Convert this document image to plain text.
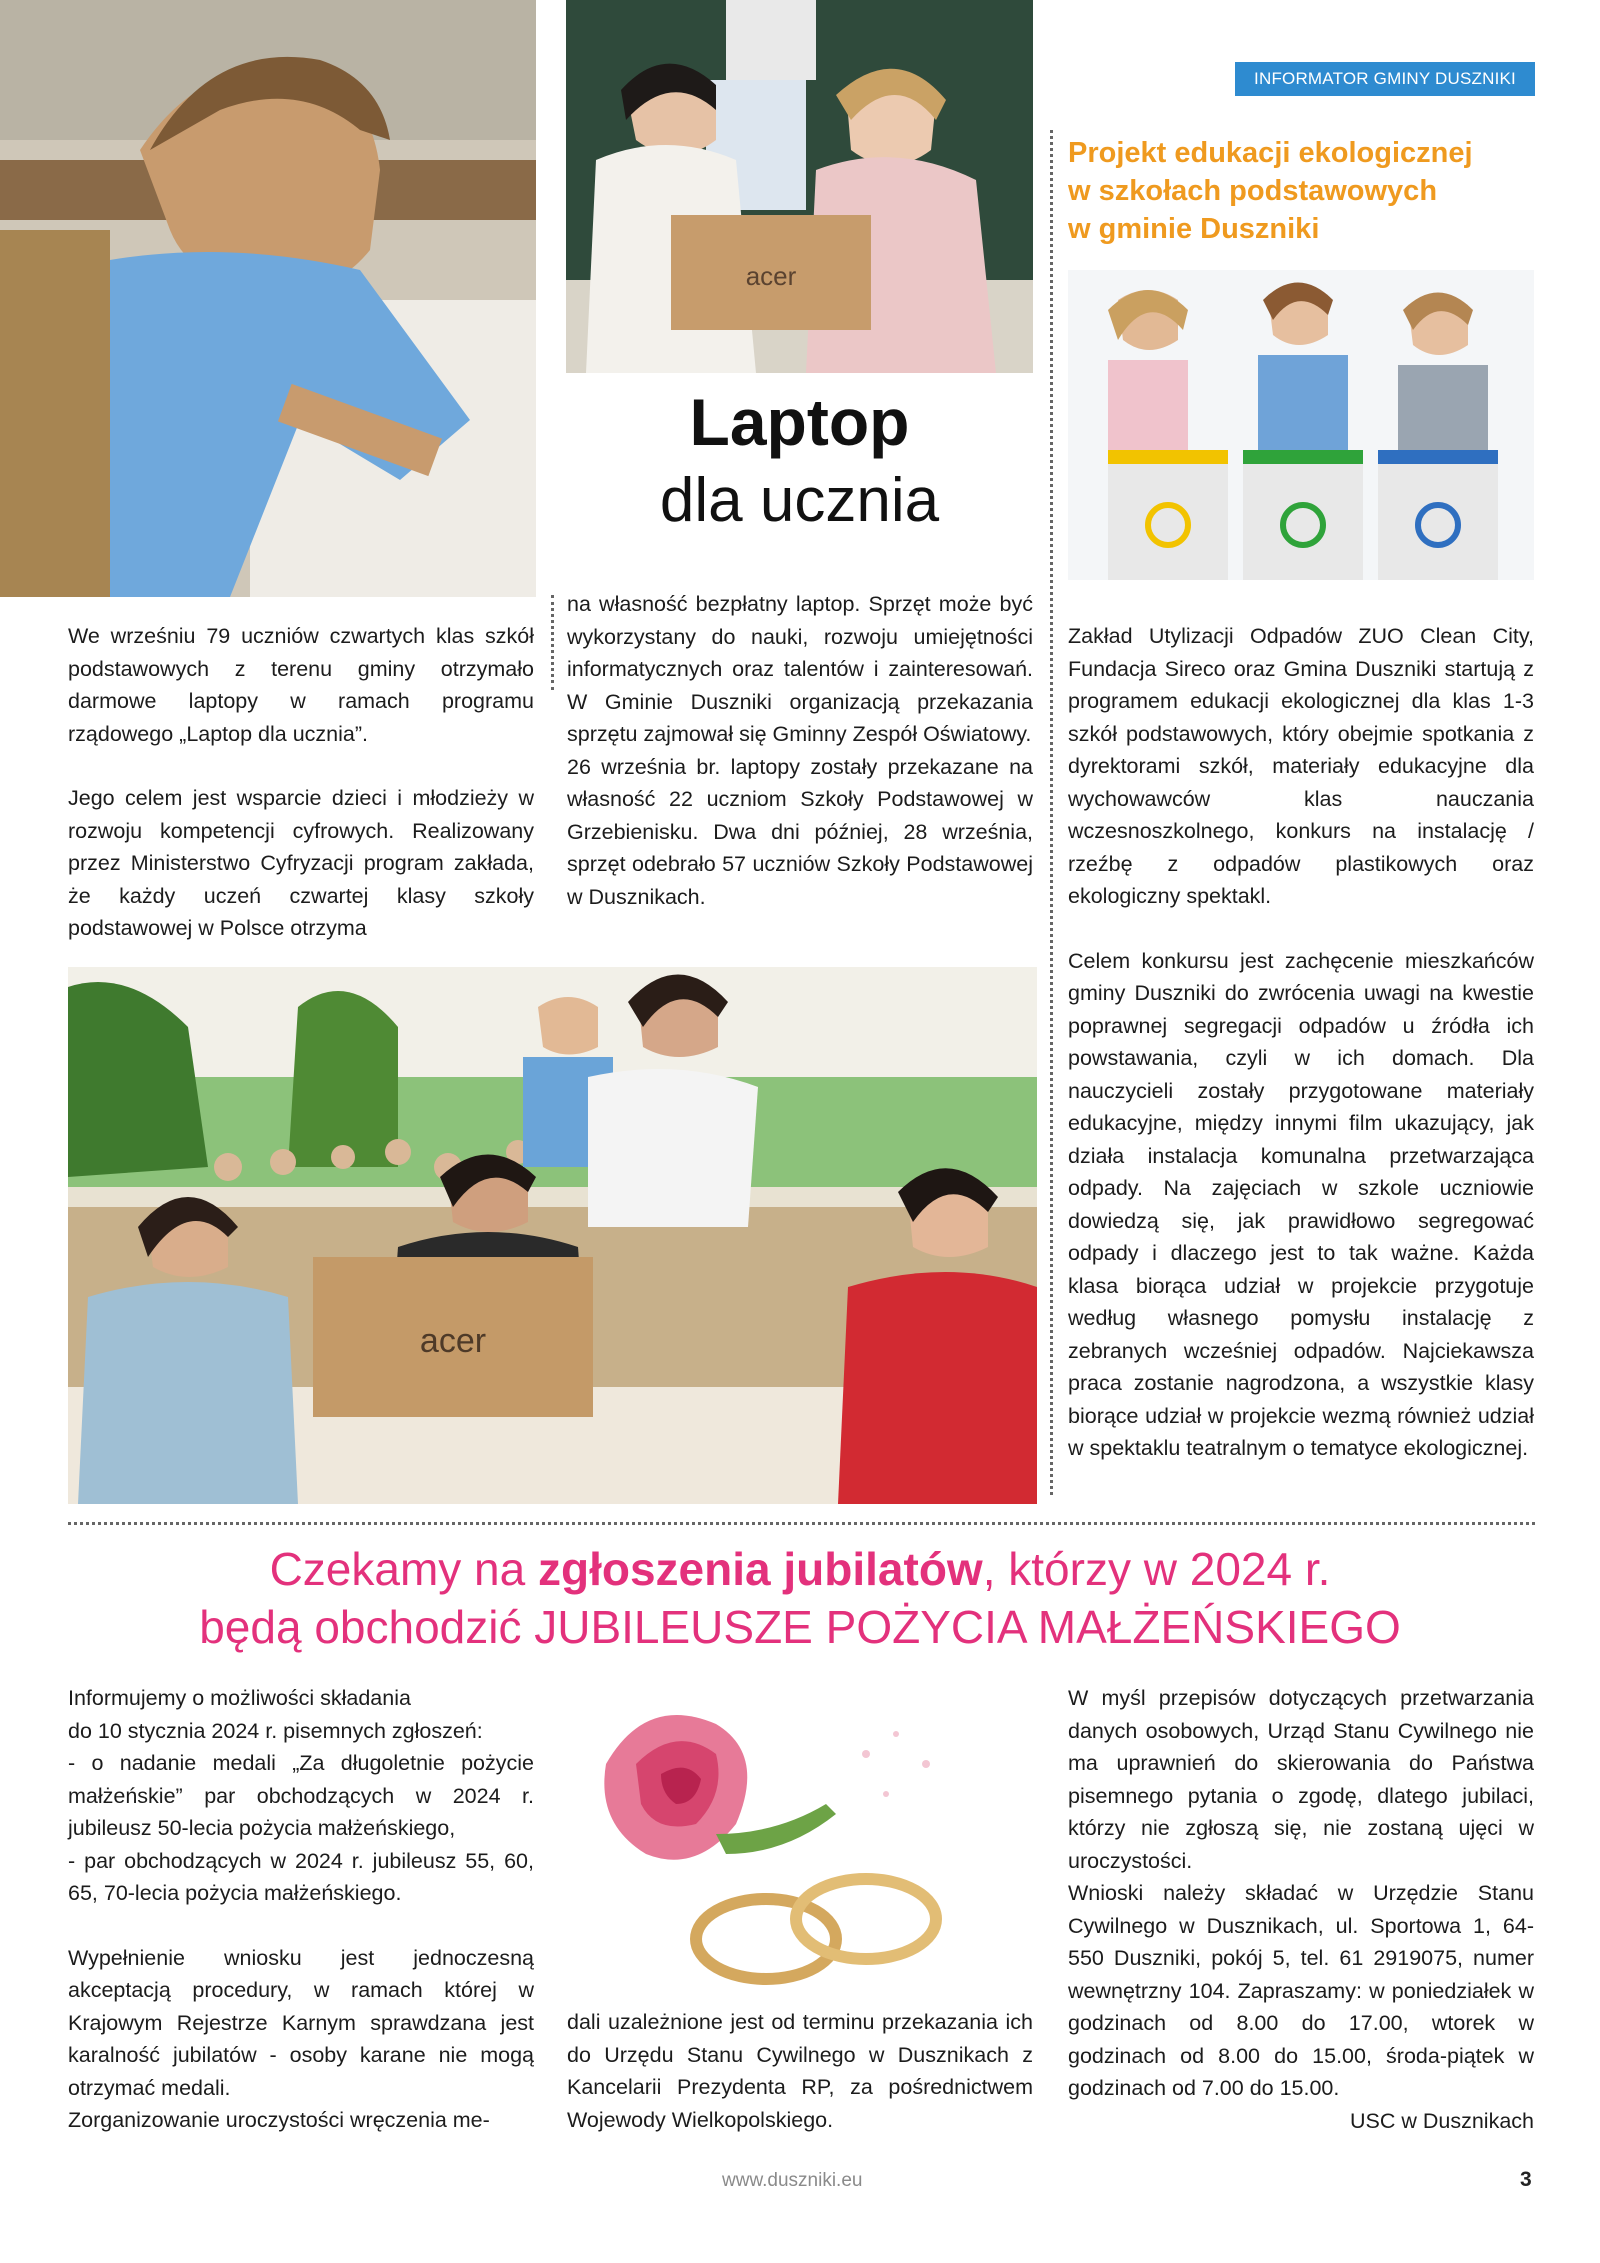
acer
INFORMATOR GMINY DUSZNIKI
Projekt edukacji ekologicznej
w szkołach podstawowych
w gminie Duszniki
Laptop
dla ucznia

We wrześniu 79 uczniów czwartych klas szkół podstawowych z terenu gminy otrzymało darmowe laptopy w ramach programu rządowego „Laptop dla ucznia”.

Jego celem jest wsparcie dzieci i młodzieży w rozwoju kompetencji cyfrowych. Realizowany przez Ministerstwo Cyfryzacji program zakłada, że każdy uczeń czwartej klasy szkoły podstawowej w Polsce otrzyma

na własność bezpłatny laptop. Sprzęt może być wykorzystany do nauki, rozwoju umiejętności informatycznych oraz talentów i zainteresowań. W Gminie Duszniki organizacją przekazania sprzętu zajmował się Gminny Zespół Oświatowy.

26 września br. laptopy zostały przekazane na własność 22 uczniom Szkoły Podstawowej w Grzebienisku. Dwa dni później, 28 września, sprzęt odebrało 57 uczniów Szkoły Podstawowej w Dusznikach.

Zakład Utylizacji Odpadów ZUO Clean City, Fundacja Sireco oraz Gmina Duszniki startują z programem edukacji ekologicznej dla klas 1-3 szkół podstawowych, który obejmie spotkania z dyrektorami szkół, materiały edukacyjne dla wychowawców klas nauczania wczesnoszkolnego, konkurs na instalację / rzeźbę z odpadów plastikowych oraz ekologiczny spektakl.

Celem konkursu jest zachęcenie mieszkańców gminy Duszniki do zwrócenia uwagi na kwestie poprawnej segregacji odpadów u źródła ich powstawania, czyli w ich domach. Dla nauczycieli zostały przygotowane materiały edukacyjne, między innymi film ukazujący, jak działa instalacja komunalna przetwarzająca odpady. Na zajęciach w szkole uczniowie dowiedzą się, jak prawidłowo segregować odpady i dlaczego jest to tak ważne. Każda klasa biorąca udział w projekcie przygotuje według własnego pomysłu instalację z zebranych wcześniej odpadów. Najciekawsza praca zostanie nagrodzona, a wszystkie klasy biorące udział w projekcie wezmą również udział w spektaklu teatralnym o tematyce ekologicznej.

acer
Czekamy na zgłoszenia jubilatów, którzy w 2024 r.
będą obchodzić JUBILEUSZE POŻYCIA MAŁŻEŃSKIEGO

Informujemy o możliwości składania

do 10 stycznia 2024 r. pisemnych zgłoszeń:

- o nadanie medali „Za długoletnie pożycie małżeńskie” par obchodzących w 2024 r. jubileusz 50-lecia pożycia małżeńskiego,

- par obchodzących w 2024 r. jubileusz 55, 60, 65, 70-lecia pożycia małżeńskiego.

Wypełnienie wniosku jest jednoczesną akceptacją procedury, w ramach której w Krajowym Rejestrze Karnym sprawdzana jest karalność jubilatów - osoby karane nie mogą otrzymać medali.

Zorganizowanie uroczystości wręczenia me-

dali uzależnione jest od terminu przekazania ich do Urzędu Stanu Cywilnego w Dusznikach z Kancelarii Prezydenta RP, za pośrednictwem Wojewody Wielkopolskiego.

W myśl przepisów dotyczących przetwarzania danych osobowych, Urząd Stanu Cywilnego nie ma uprawnień do skierowania do Państwa pisemnego pytania o zgodę, dlatego jubilaci, którzy nie zgłoszą się, nie zostaną ujęci w uroczystości.

Wnioski należy składać w Urzędzie Stanu Cywilnego w Dusznikach, ul. Sportowa 1, 64-550 Duszniki, pokój 5, tel. 61 2919075, numer wewnętrzny 104. Zapraszamy: w poniedziałek w godzinach od 8.00 do 17.00, wtorek w godzinach od 8.00 do 15.00, środa-piątek w godzinach od 7.00 do 15.00.

USC w Dusznikach

www.duszniki.eu	3
